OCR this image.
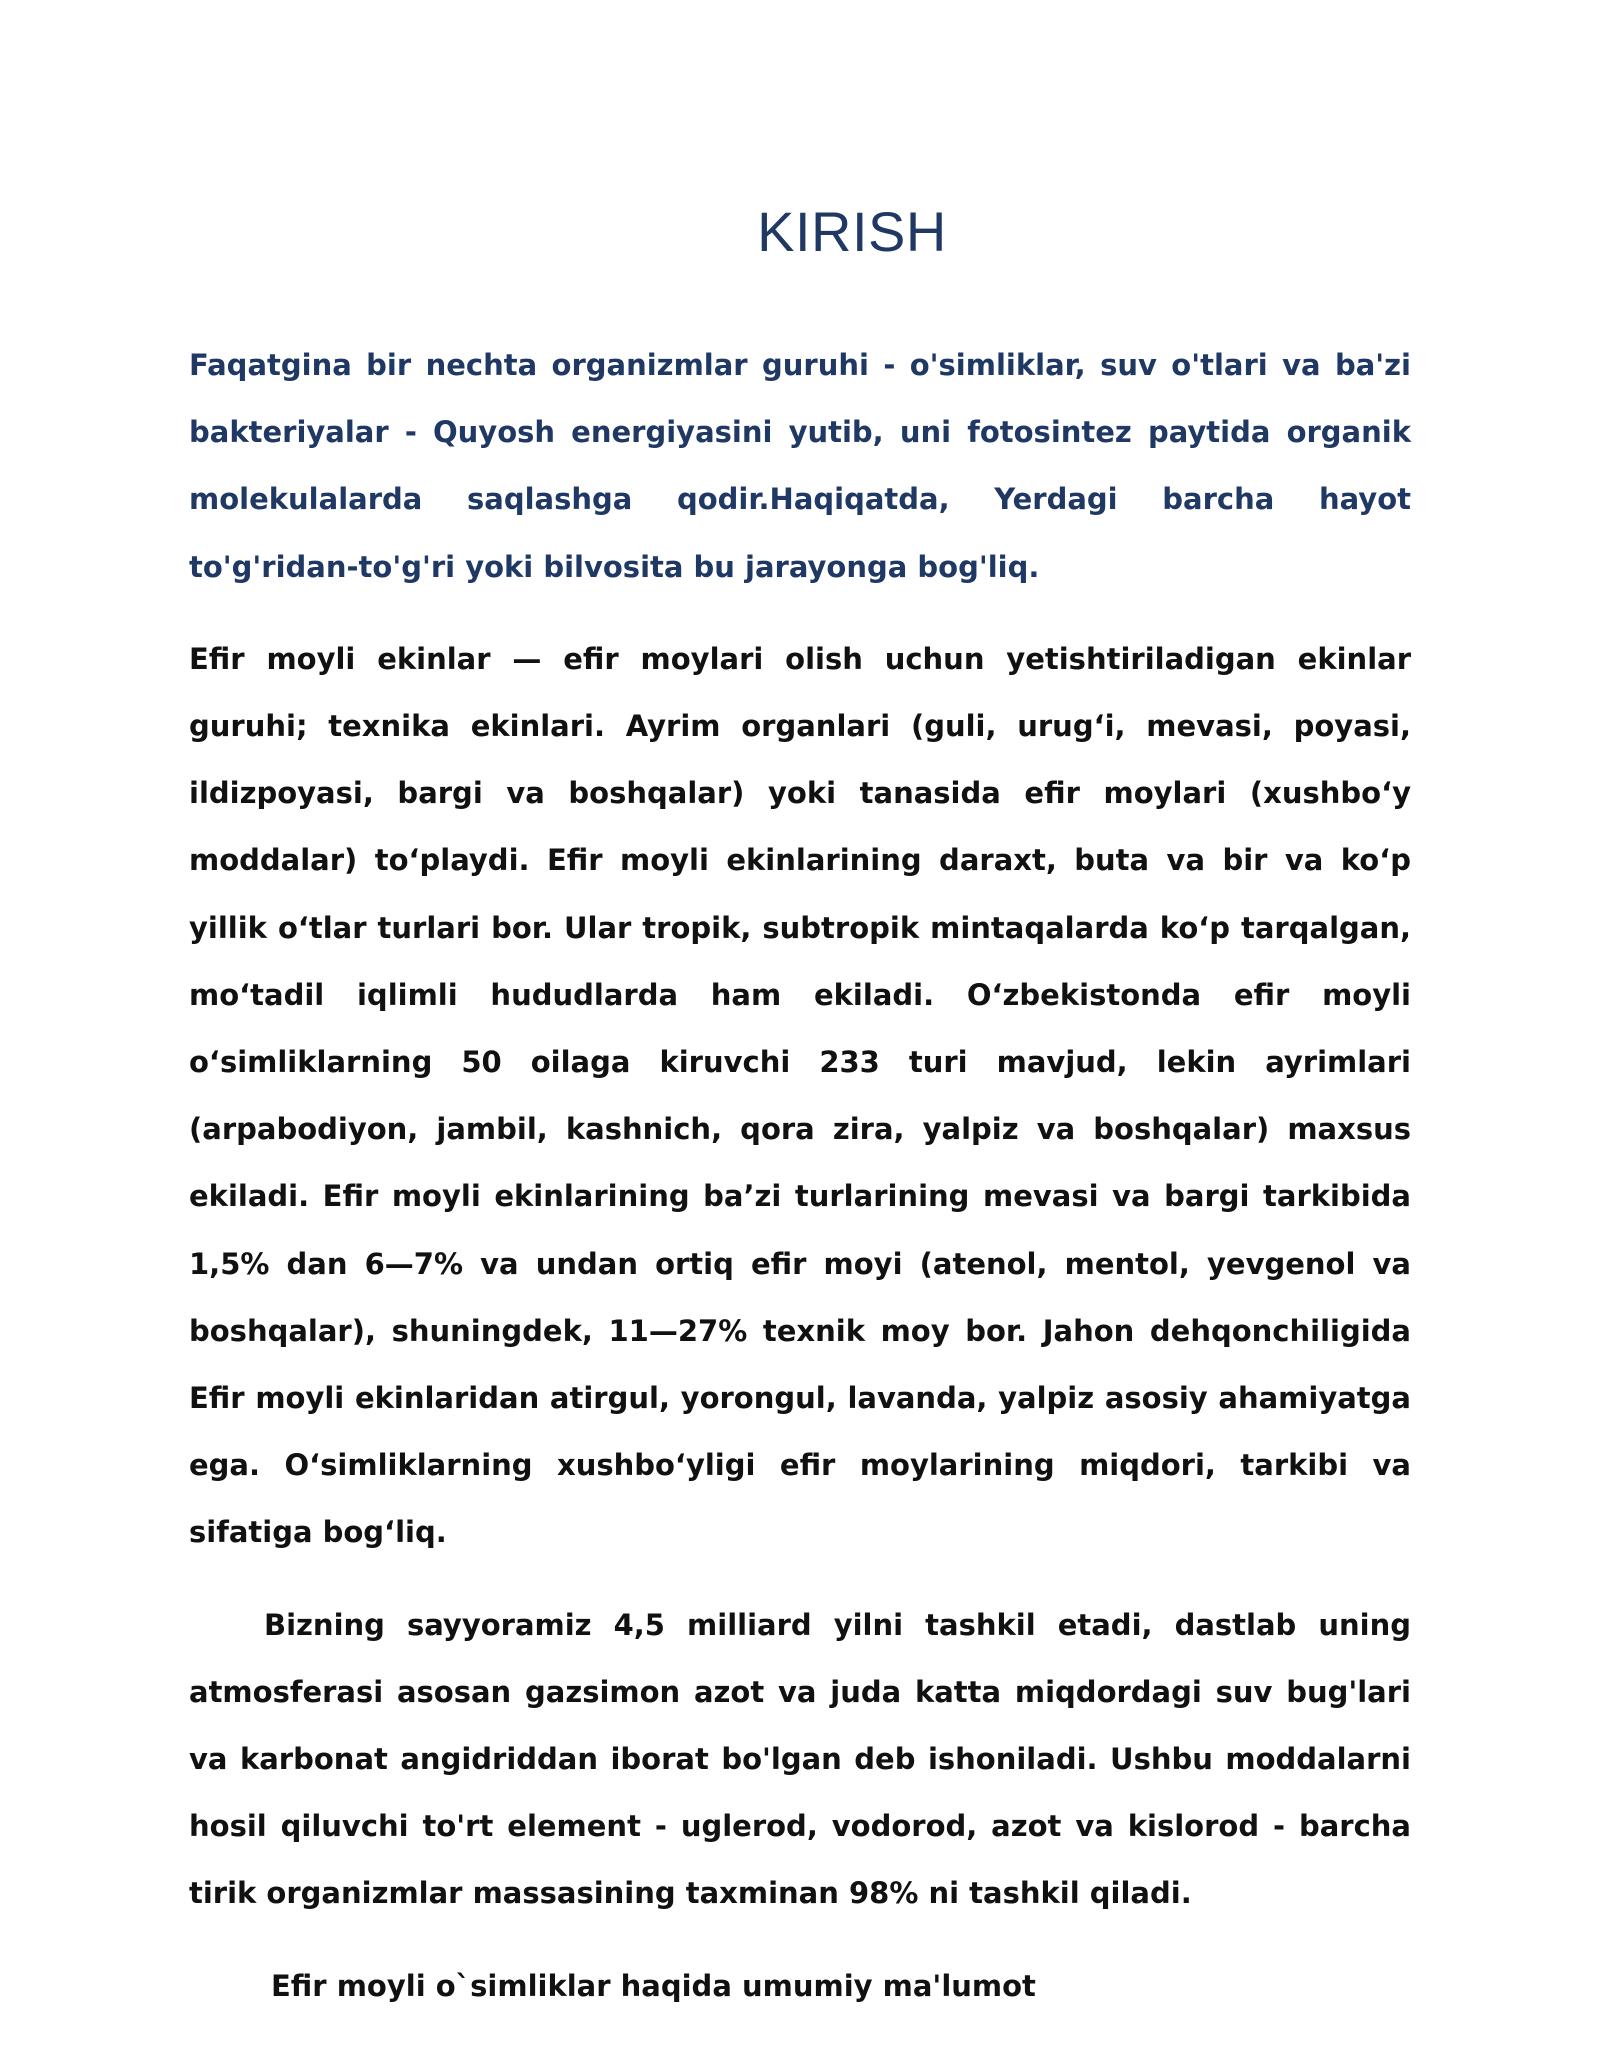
KIRISH

Faqatgina bir nechta organizmlar guruhi - o'simliklar, suv o'tlari va ba'zi bakteriyalar - Quyosh energiyasini yutib, uni fotosintez paytida organik molekulalarda saqlashga qodir.Haqiqatda, Yerdagi barcha hayot to'g'ridan-to'g'ri yoki bilvosita bu jarayonga bog'liq.

Efir moyli ekinlar — efir moylari olish uchun yetishtiriladigan ekinlar guruhi; texnika ekinlari. Ayrim organlari (guli, urugʻi, mevasi, poyasi, ildizpoyasi, bargi va boshqalar) yoki tanasida efir moylari (xushboʻy moddalar) toʻplaydi. Efir moyli ekinlarining daraxt, buta va bir va koʻp yillik oʻtlar turlari bor. Ular tropik, subtropik mintaqalarda koʻp tarqalgan, moʻtadil iqlimli hududlarda ham ekiladi. Oʻzbekistonda efir moyli oʻsimliklarning 50 oilaga kiruvchi 233 turi mavjud, lekin ayrimlari (arpabodiyon, jambil, kashnich, qora zira, yalpiz va boshqalar) maxsus ekiladi. Efir moyli ekinlarining baʼzi turlarining mevasi va bargi tarkibida 1,5% dan 6—7% va undan ortiq efir moyi (atenol, mentol, yevgenol va boshqalar), shuningdek, 11—27% texnik moy bor. Jahon dehqonchiligida Efir moyli ekinlaridan atirgul, yorongul, lavanda, yalpiz asosiy ahamiyatga ega. Oʻsimliklarning xushboʻyligi efir moylarining miqdori, tarkibi va sifatiga bogʻliq.

Bizning sayyoramiz 4,5 milliard yilni tashkil etadi, dastlab uning atmosferasi asosan gazsimon azot va juda katta miqdordagi suv bug'lari va karbonat angidriddan iborat bo'lgan deb ishoniladi. Ushbu moddalarni hosil qiluvchi to'rt element - uglerod, vodorod, azot va kislorod - barcha tirik organizmlar massasining taxminan 98% ni tashkil qiladi.

Efir moyli o`simliklar haqida umumiy ma'lumot
